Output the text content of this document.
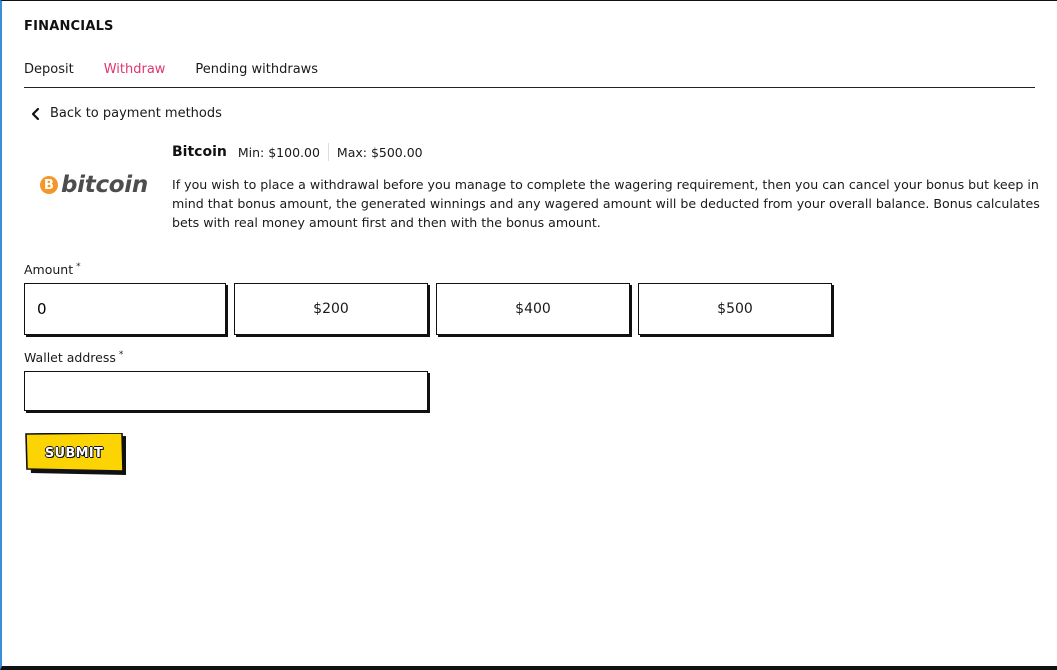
FINANCIALS
Deposit Withdraw Pending withdraws
Back to payment methods
B bitcoin
Bitcoin Min: $100.00 Max: $500.00
If you wish to place a withdrawal before you manage to complete the wagering requirement, then you can cancel your bonus but keep in mind that bonus amount, the generated winnings and any wagered amount will be deducted from your overall balance. Bonus calculates bets with real money amount first and then with the bonus amount.
Amount *
0
$200	$400	$500
Wallet address *
SUBMIT
